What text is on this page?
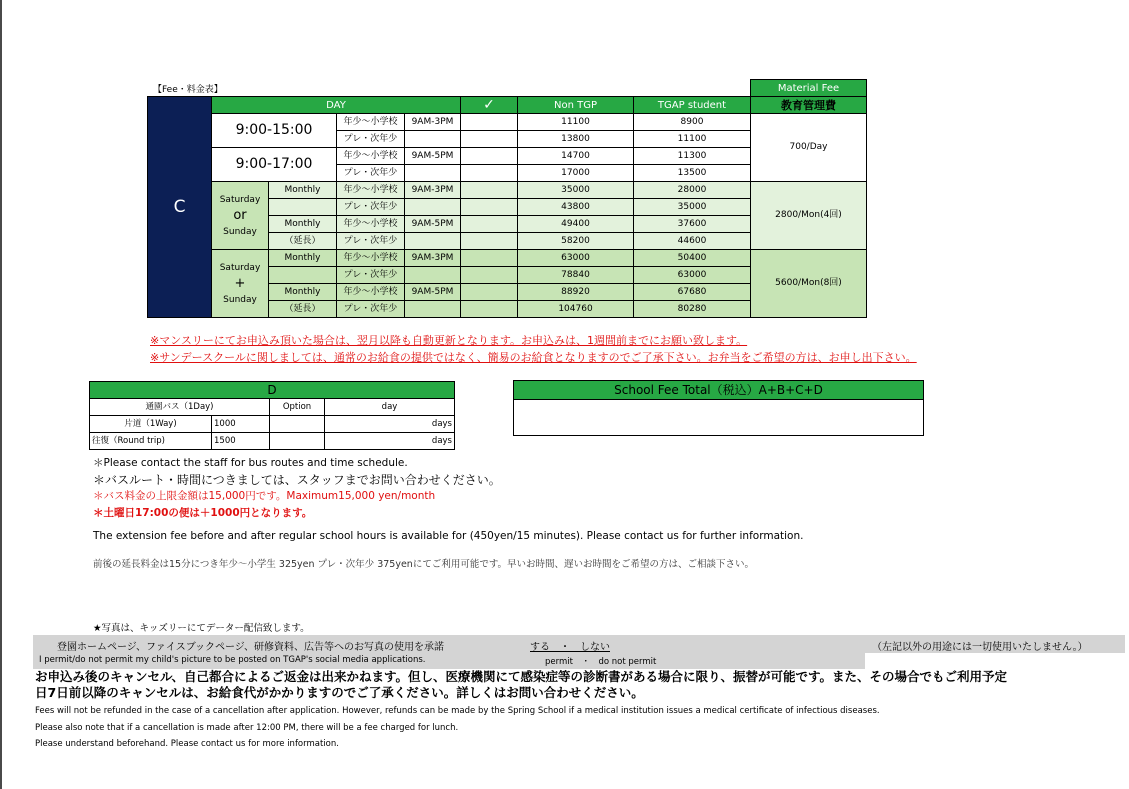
【Fee・料金表】
								Material Fee
C	DAY				✓	Non TGP	TGAP student	教育管理費
	9:00-15:00		年少〜小学校	9AM-3PM		11100	8900	700/Day
			プレ・次年少			13800	11100	
	9:00-17:00		年少〜小学校	9AM-5PM		14700	11300	
			プレ・次年少			17000	13500	

	Saturday
or
Sunday	Monthly	年少〜小学校	9AM-3PM		35000	28000	2800/Mon(4回)
			プレ・次年少			43800	35000	
		Monthly	年少〜小学校	9AM-5PM		49400	37600	
		（延長）	プレ・次年少			58200	44600	

	Saturday
+
Sunday	Monthly	年少〜小学校	9AM-3PM		63000	50400	5600/Mon(8回)
			プレ・次年少			78840	63000	
		Monthly	年少〜小学校	9AM-5PM		88920	67680	
		（延長）	プレ・次年少			104760	80280	
※マンスリーにてお申込み頂いた場合は、翌月以降も自動更新となります。お申込みは、1週間前までにお願い致します。
※サンデースクールに関しましては、通常のお給食の提供ではなく、簡易のお給食となりますのでご了承下さい。お弁当をご希望の方は、お申し出下さい。
D			
通園バス（1Day)		Option	day
片道（1Way)	1000		days
往復（Round trip)	1500		days
School Fee Total（税込）A+B+C+D
＊Please contact the staff for bus routes and time schedule.
＊バスルート・時間につきましては、スタッフまでお問い合わせください。
＊バス料金の上限金額は15,000円です。Maximum15,000 yen/month
＊土曜日17:00の便は＋1000円となります。
The extension fee before and after regular school hours is available for (450yen/15 minutes). Please contact us for further information.
前後の延長料金は15分につき年少〜小学生 325yen プレ・次年少 375yenにてご利用可能です。早いお時間、遅いお時間をご希望の方は、ご相談下さい。
★写真は、キッズリーにてデーター配信致します。
登園ホームページ、ファイスブックページ、研修資料、広告等へのお写真の使用を承諾	する　・　しない	（左記以外の用途には一切使用いたしません。）
I permit/do not permit my child's picture to be posted on TGAP's social media applications.	permit　・　do not permit
お申込み後のキャンセル、自己都合によるご返金は出来かねます。但し、医療機関にて感染症等の診断書がある場合に限り、振替が可能です。また、その場合でもご利用予定日7日前以降のキャンセルは、お給食代がかかりますのでご了承ください。詳しくはお問い合わせください。
Fees will not be refunded in the case of a cancellation after application. However, refunds can be made by the Spring School if a medical institution issues a medical certificate of infectious diseases.
Please also note that if a cancellation is made after 12:00 PM, there will be a fee charged for lunch.
Please understand beforehand. Please contact us for more information.
